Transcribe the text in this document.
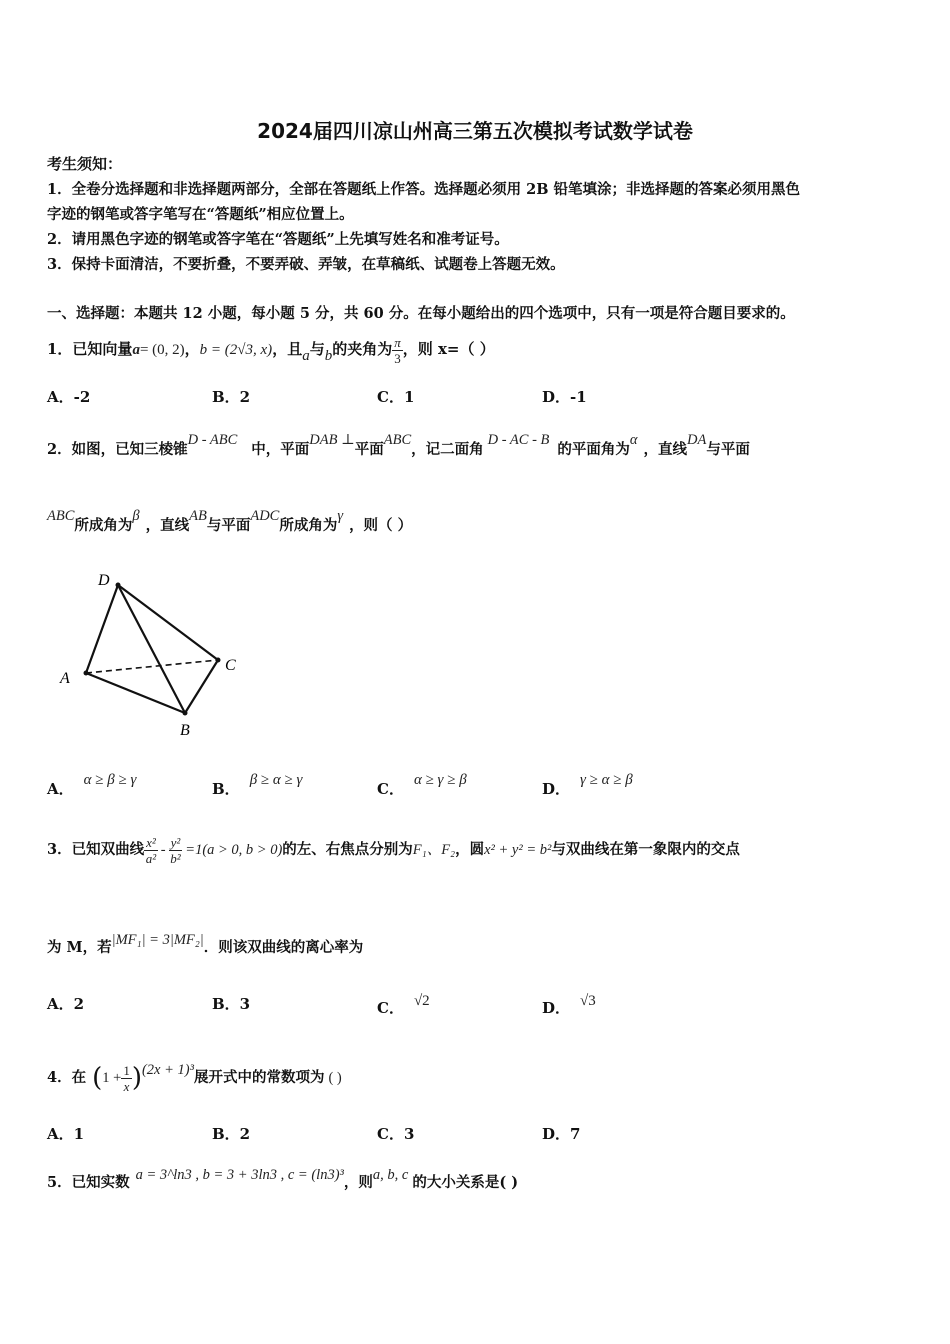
2024届四川凉山州高三第五次模拟考试数学试卷
考生须知：
1．全卷分选择题和非选择题两部分，全部在答题纸上作答。选择题必须用 2B 铅笔填涂；非选择题的答案必须用黑色
字迹的钢笔或答字笔写在“答题纸”相应位置上。
2．请用黑色字迹的钢笔或答字笔在“答题纸”上先填写姓名和准考证号。
3．保持卡面清洁，不要折叠，不要弄破、弄皱，在草稿纸、试题卷上答题无效。
一、选择题：本题共 12 小题，每小题 5 分，共 60 分。在每小题给出的四个选项中，只有一项是符合题目要求的。
1．已知向量a= (0, 2)，b = (2√3, x)，且a与b的夹角为 $\frac{\pi}{3}$ ，则 x=（ ）
A．-2	B．2	C．1	D．-1
2．如图，已知三棱锥D - ABC中，平面DAB ⊥平面ABC，记二面角D - AC - B的平面角为α，直线DA与平面
ABC所成角为β，直线AB与平面ADC所成角为γ，则（ ）
D
A
B
C
A． α ≥ β ≥ γ	B． β ≥ α ≥ γ	C． α ≥ γ ≥ β	D． γ ≥ α ≥ β
3．已知双曲线 $\frac{\text{x²}}{\text{a²}} - \frac{\text{y²}}{\text{b²}} =1(a > 0$, b > 0)的左、右焦点分别为F₁、F₂，圆x² + y² = b²与双曲线在第一象限内的交点
为 M，若|MF₁| = 3|MF₂|．则该双曲线的离心率为
A．2	B．3	C． √2	D． √3
4．在 $(1 + \frac{1}{x} )(2x + 1)^3$展开式中的常数项为 ( )
A．1	B．2	C．3	D．7
5．已知实数 a = 3^ln3 , b = 3 + 3ln3 , c = (ln3)³，则a, b, c 的大小关系是( )
